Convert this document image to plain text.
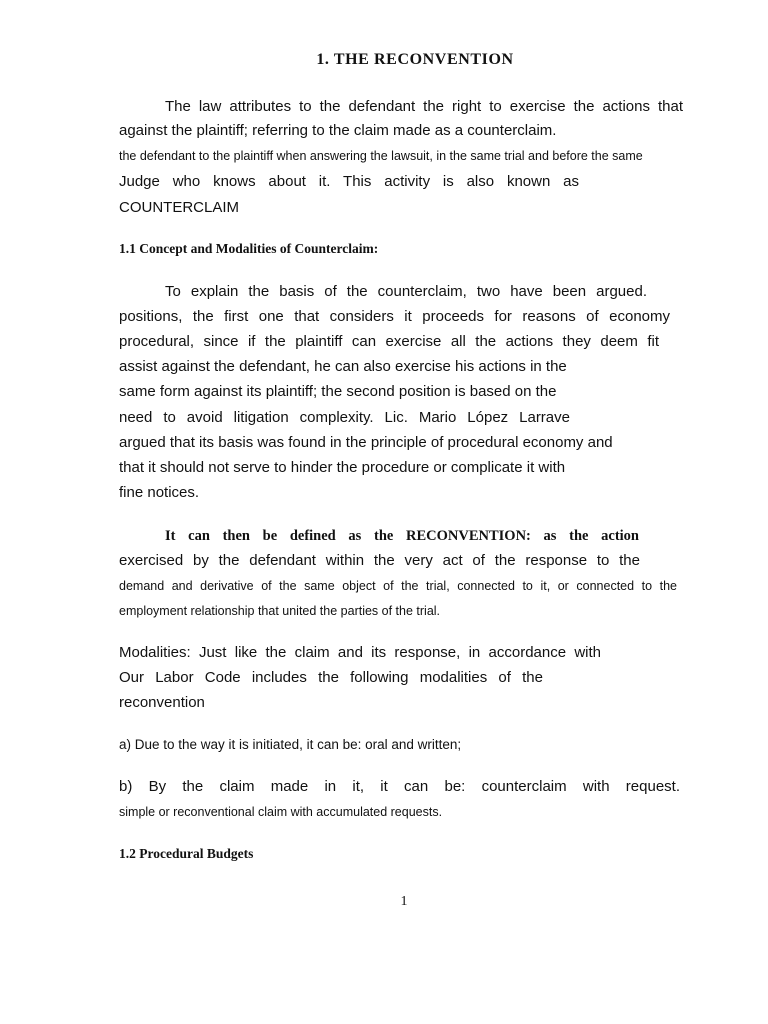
1. THE RECONVENTION
The law attributes to the defendant the right to exercise the actions that
against the plaintiff; referring to the claim made as a counterclaim.
the defendant to the plaintiff when answering the lawsuit, in the same trial and before the same
Judge who knows about it. This activity is also known as
COUNTERCLAIM
1.1 Concept and Modalities of Counterclaim:
To explain the basis of the counterclaim, two have been argued.
positions, the first one that considers it proceeds for reasons of economy
procedural, since if the plaintiff can exercise all the actions they deem fit
assist against the defendant, he can also exercise his actions in the
same form against its plaintiff; the second position is based on the
need to avoid litigation complexity. Lic. Mario López Larrave
argued that its basis was found in the principle of procedural economy and
that it should not serve to hinder the procedure or complicate it with
fine notices.
It can then be defined as the RECONVENTION: as the action
exercised by the defendant within the very act of the response to the
demand and derivative of the same object of the trial, connected to it, or connected to the
employment relationship that united the parties of the trial.
Modalities: Just like the claim and its response, in accordance with
Our Labor Code includes the following modalities of the
reconvention
a) Due to the way it is initiated, it can be: oral and written;
b) By the claim made in it, it can be: counterclaim with request.
simple or reconventional claim with accumulated requests.
1.2 Procedural Budgets
1
